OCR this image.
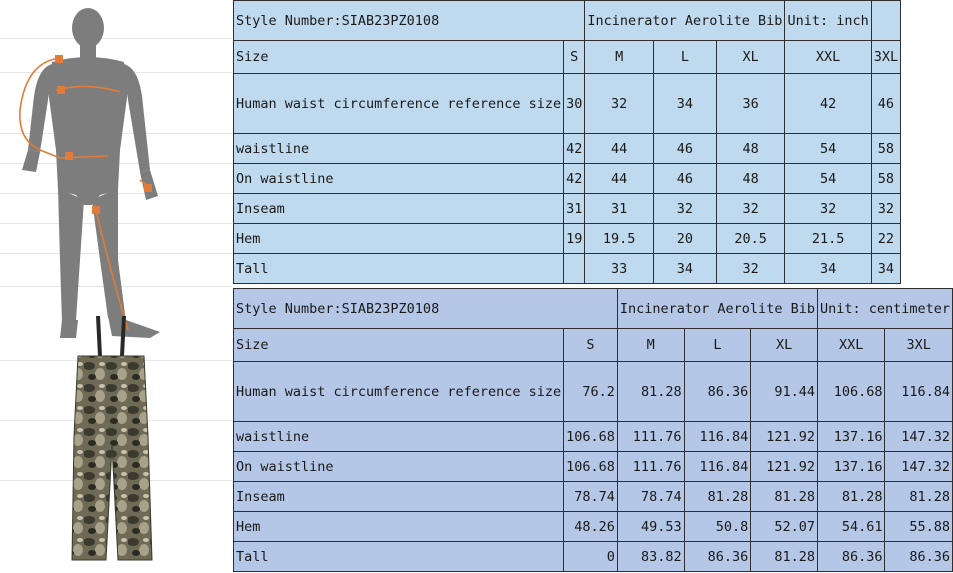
Style Number:SIAB23PZ0108		Incinerator Aerolite Bib			Unit: inch	
Size	S	M	L	XL	XXL	3XL
Human waist circumference reference size	30	32	34	36	42	46
waistline	42	44	46	48	54	58
On waistline	42	44	46	48	54	58
Inseam	31	31	32	32	32	32
Hem	19	19.5	20	20.5	21.5	22
Tall		33	34	32	34	34
Style Number:SIAB23PZ0108		Incinerator Aerolite Bib			Unit: centimeter	
Size	S	M	L	XL	XXL	3XL
Human waist circumference reference size	76.2	81.28	86.36	91.44	106.68	116.84
waistline	106.68	111.76	116.84	121.92	137.16	147.32
On waistline	106.68	111.76	116.84	121.92	137.16	147.32
Inseam	78.74	78.74	81.28	81.28	81.28	81.28
Hem	48.26	49.53	50.8	52.07	54.61	55.88
Tall	0	83.82	86.36	81.28	86.36	86.36
